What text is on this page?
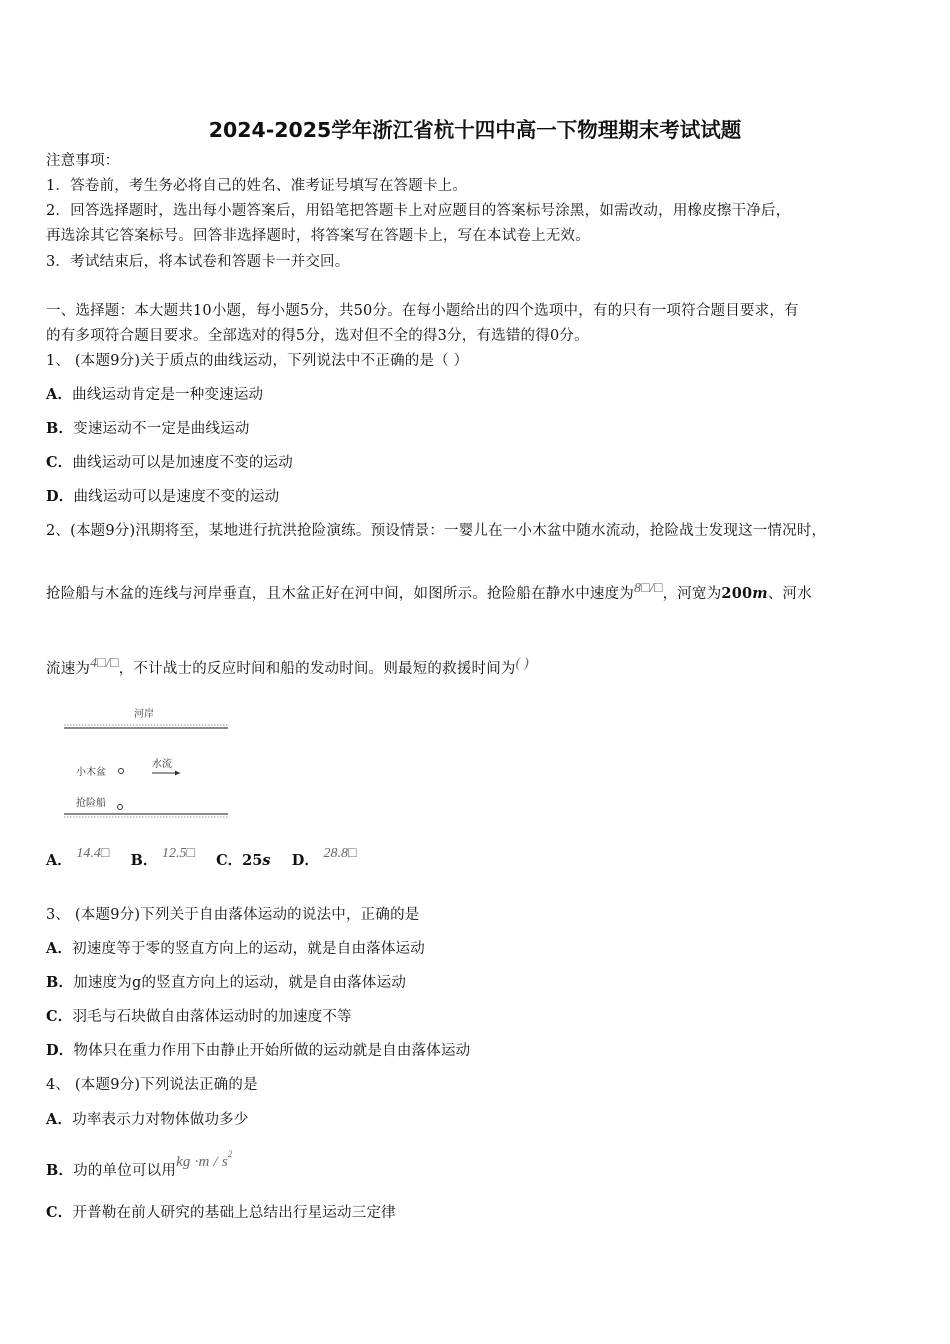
2024-2025学年浙江省杭十四中高一下物理期末考试试题
注意事项：
1．答卷前，考生务必将自己的姓名、准考证号填写在答题卡上。
2．回答选择题时，选出每小题答案后，用铅笔把答题卡上对应题目的答案标号涂黑，如需改动，用橡皮擦干净后，
再选涂其它答案标号。回答非选择题时，将答案写在答题卡上，写在本试卷上无效。
3．考试结束后，将本试卷和答题卡一并交回。
一、选择题：本大题共10小题，每小题5分，共50分。在每小题给出的四个选项中，有的只有一项符合题目要求，有
的有多项符合题目要求。全部选对的得5分，选对但不全的得3分，有选错的得0分。
1、 (本题9分)关于质点的曲线运动，下列说法中不正确的是（ ）
A．曲线运动肯定是一种变速运动
B．变速运动不一定是曲线运动
C．曲线运动可以是加速度不变的运动
D．曲线运动可以是速度不变的运动
2、(本题9分)汛期将至，某地进行抗洪抢险演练。预设情景：一婴儿在一小木盆中随水流动，抢险战士发现这一情况时，
抢险船与木盆的连线与河岸垂直，且木盆正好在河中间，如图所示。抢险船在静水中速度为8□/□，河宽为200m、河水
流速为4□/□，不计战士的反应时间和船的发动时间。则最短的救援时间为( )
河岸
小木盆
水流
抢险船
A． 14.4□ B． 12.5□ C．25s D． 28.8□
3、 (本题9分)下列关于自由落体运动的说法中，正确的是
A．初速度等于零的竖直方向上的运动，就是自由落体运动
B．加速度为g的竖直方向上的运动，就是自由落体运动
C．羽毛与石块做自由落体运动时的加速度不等
D．物体只在重力作用下由静止开始所做的运动就是自由落体运动
4、 (本题9分)下列说法正确的是
A．功率表示力对物体做功多少
B．功的单位可以用kg $\cdot m / s^2$
C．开普勒在前人研究的基础上总结出行星运动三定律
